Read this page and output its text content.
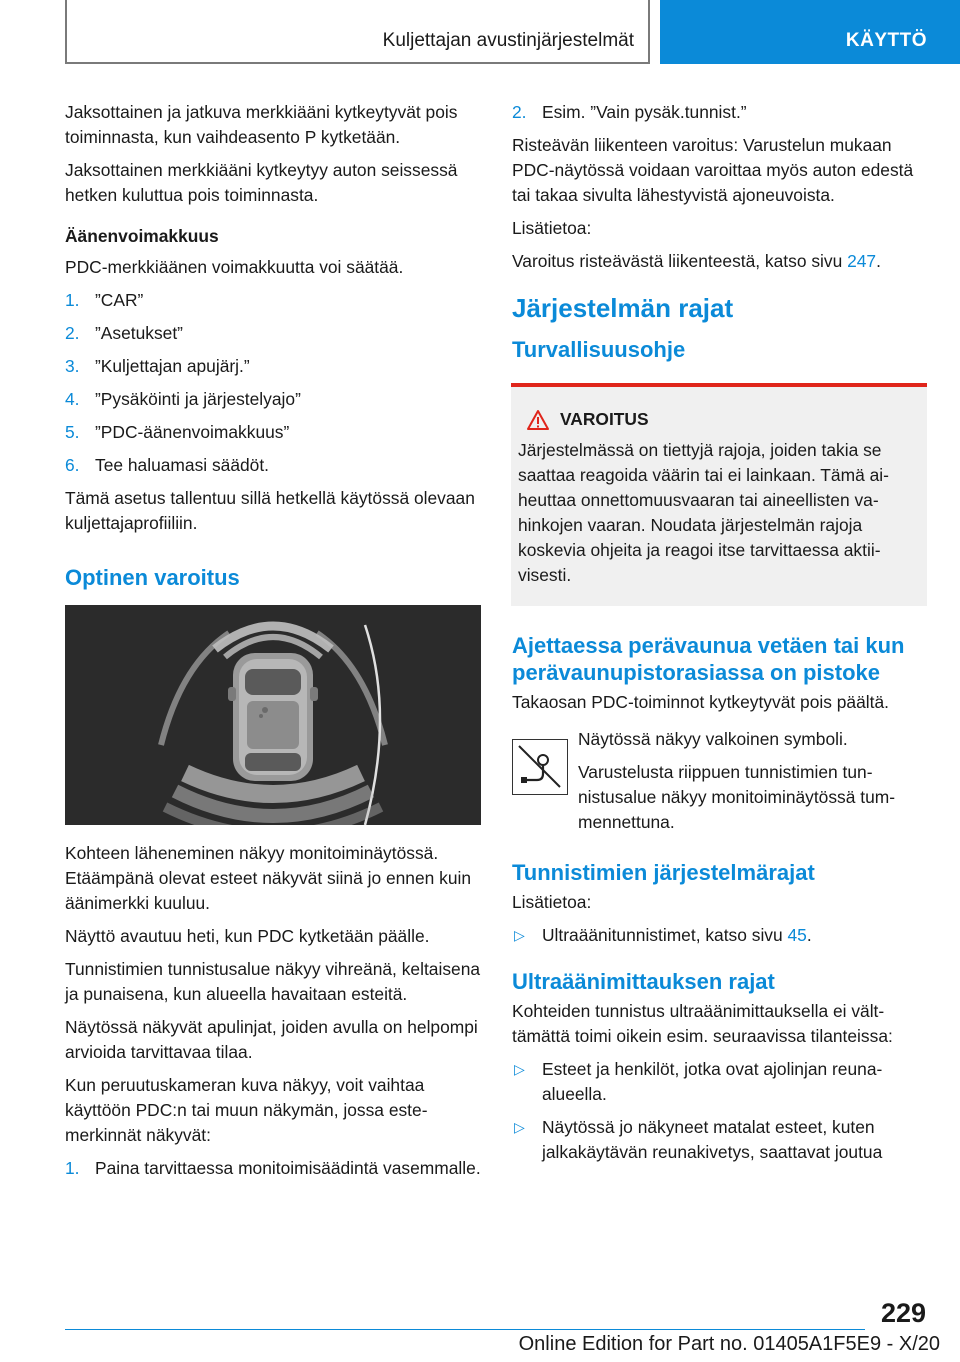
Kuljettajan avustinjärjestelmät	KÄYTTÖ

Jaksottainen ja jatkuva merkkiääni kytkeytyvät pois toiminnasta, kun vaihdeasento P kytketään.

Jaksottainen merkkiääni kytkeytyy auton seissessä hetken kuluttua pois toiminnasta.

Äänenvoimakkuus

PDC-merkkiäänen voimakkuutta voi säätää.

1. ”CAR”
2. ”Asetukset”
3. ”Kuljettajan apujärj.”
4. ”Pysäköinti ja järjestelyajo”
5. ”PDC-äänenvoimakkuus”
6. Tee haluamasi säädöt.

Tämä asetus tallentuu sillä hetkellä käytössä olevaan kuljettajaprofiiliin.

Optinen varoitus

Kohteen läheneminen näkyy monitoiminäytössä. Etäämpänä olevat esteet näkyvät siinä jo ennen kuin äänimerkki kuuluu.

Näyttö avautuu heti, kun PDC kytketään päälle.

Tunnistimien tunnistusalue näkyy vihreänä, keltaisena ja punaisena, kun alueella havaitaan esteitä.

Näytössä näkyvät apulinjat, joiden avulla on helpompi arvioida tarvittavaa tilaa.

Kun peruutuskameran kuva näkyy, voit vaihtaa käyttöön PDC:n tai muun näkymän, jossa estemerkinnät näkyvät:

1. Paina tarvittaessa monitoimisäädintä vasemmalle.
2. Esim. ”Vain pysäk.tunnist.”

Risteävän liikenteen varoitus: Varustelun mukaan PDC-näytössä voidaan varoittaa myös auton edestä tai takaa sivulta lähestyvistä ajoneuvoista.

Lisätietoa:

Varoitus risteävästä liikenteestä, katso sivu 247.

Järjestelmän rajat

Turvallisuusohje

VAROITUS

Järjestelmässä on tiettyjä rajoja, joiden takia se saattaa reagoida väärin tai ei lainkaan. Tämä aiheuttaa onnettomuusvaaran tai aineellisten vahinkojen vaaran. Noudata järjestelmän rajoja koskevia ohjeita ja reagoi itse tarvittaessa aktiivisesti.

Ajettaessa perävaunua vetäen tai kun perävaunupistorasiassa on pistoke

Takaosan PDC-toiminnot kytkeytyvät pois päältä.

Näytössä näkyy valkoinen symboli.

Varustelusta riippuen tunnistimien tunnistusalue näkyy monitoiminäytössä tummennettuna.

Tunnistimien järjestelmärajat

Lisätietoa:

▷ Ultraäänitunnistimet, katso sivu 45.

Ultraäänimittauksen rajat

Kohteiden tunnistus ultraäänimittauksella ei välttämättä toimi oikein esim. seuraavissa tilanteissa:

▷ Esteet ja henkilöt, jotka ovat ajolinjan reunaalueella.
▷ Näytössä jo näkyneet matalat esteet, kuten jalkakäytävän reunakivetys, saattavat joutua
229
Online Edition for Part no. 01405A1F5E9 - X/20
